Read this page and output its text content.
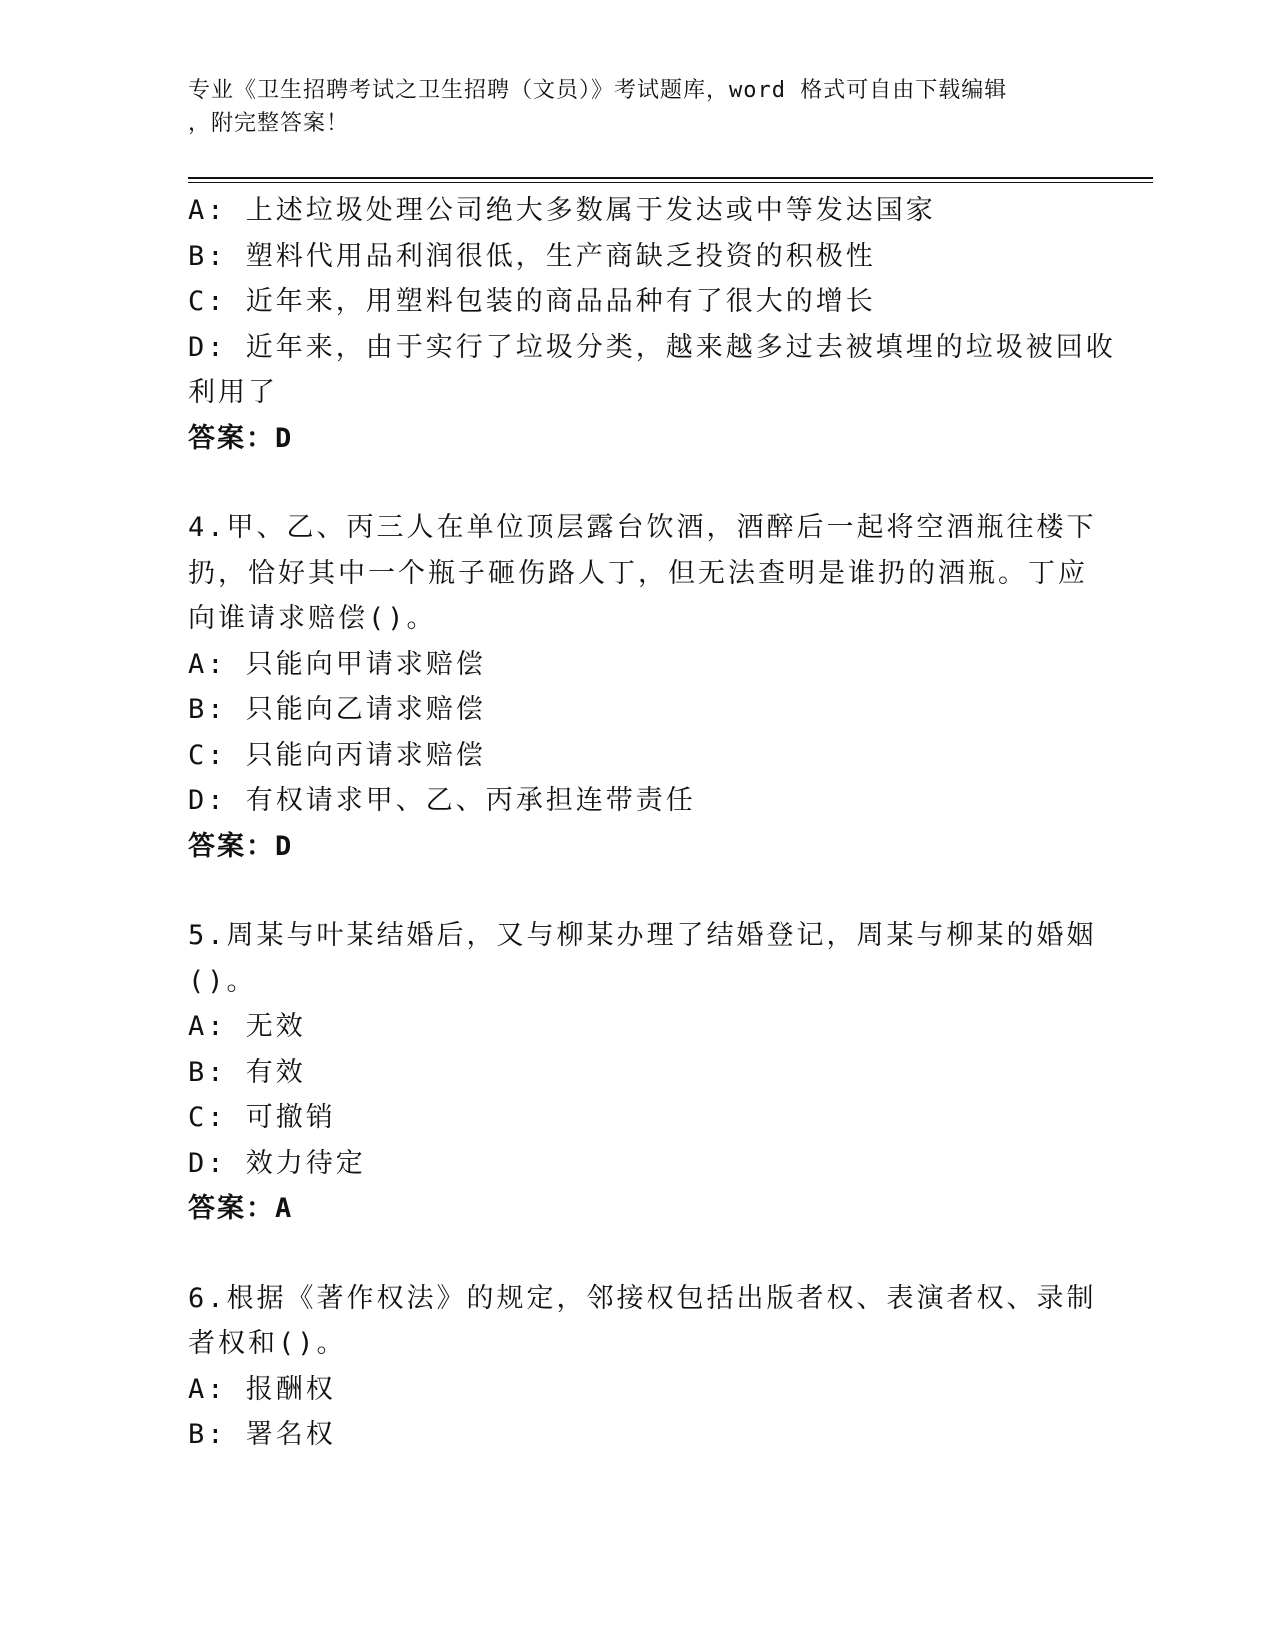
专业《卫生招聘考试之卫生招聘（文员）》考试题库，word 格式可自由下载编辑
，附完整答案！
A: 上述垃圾处理公司绝大多数属于发达或中等发达国家
B: 塑料代用品利润很低，生产商缺乏投资的积极性
C: 近年来，用塑料包装的商品品种有了很大的增长
D: 近年来，由于实行了垃圾分类，越来越多过去被填埋的垃圾被回收
利用了
答案：D
4.甲、乙、丙三人在单位顶层露台饮酒，酒醉后一起将空酒瓶往楼下
扔，恰好其中一个瓶子砸伤路人丁，但无法查明是谁扔的酒瓶。丁应
向谁请求赔偿()。
A: 只能向甲请求赔偿
B: 只能向乙请求赔偿
C: 只能向丙请求赔偿
D: 有权请求甲、乙、丙承担连带责任
答案：D
5.周某与叶某结婚后，又与柳某办理了结婚登记，周某与柳某的婚姻
()。
A: 无效
B: 有效
C: 可撤销
D: 效力待定
答案：A
6.根据《著作权法》的规定，邻接权包括出版者权、表演者权、录制
者权和()。
A: 报酬权
B: 署名权
